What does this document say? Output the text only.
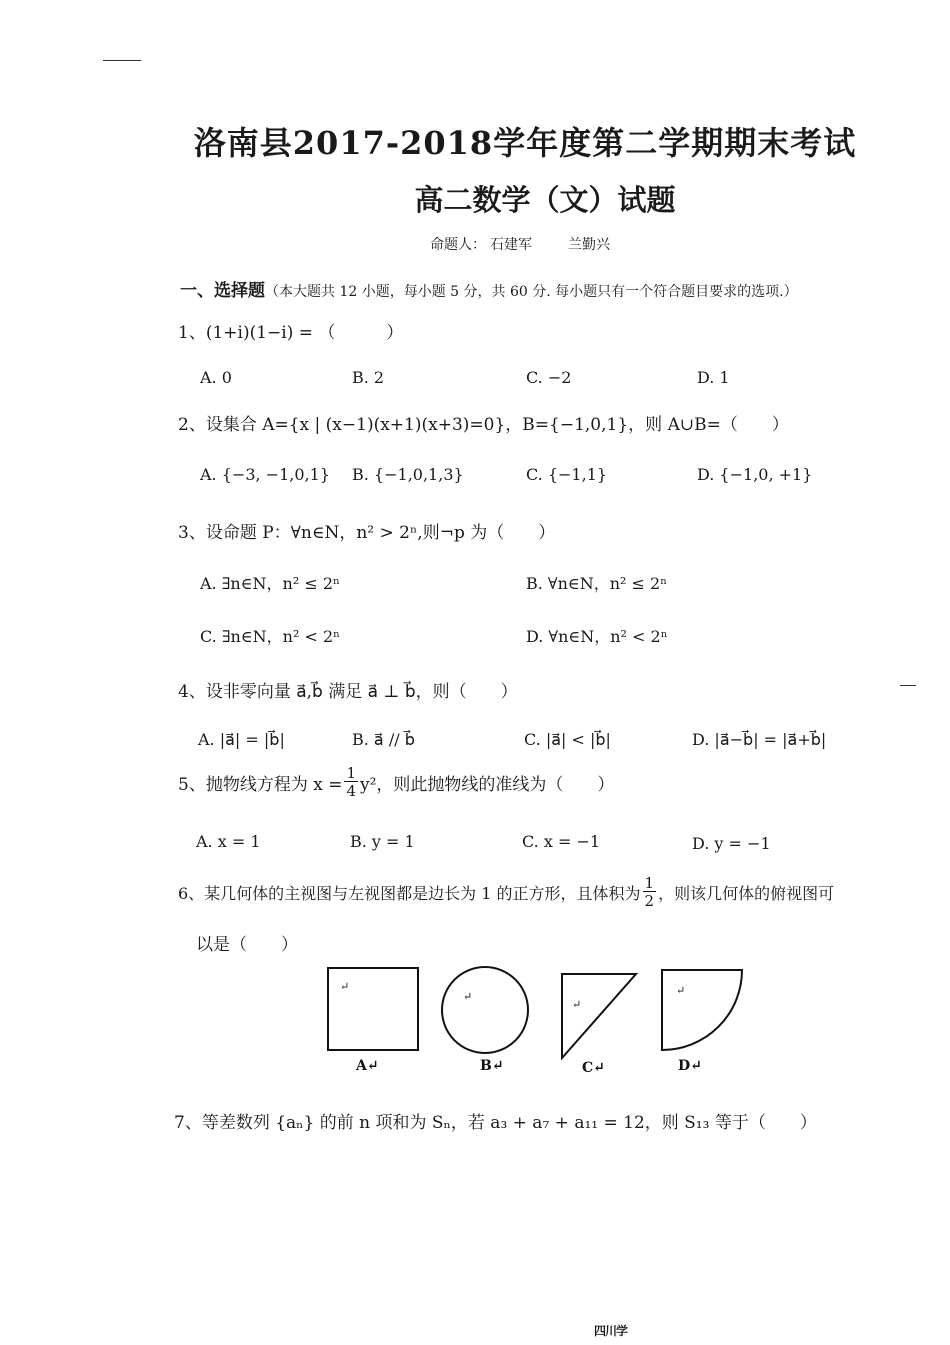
洛南县2017-2018学年度第二学期期末考试
高二数学（文）试题
命题人： 石建军	兰勤兴
一、选择题（本大题共 12 小题，每小题 5 分，共 60 分. 每小题只有一个符合题目要求的选项.）
1、(1+i)(1−i) = （　　　）
A. 0	B. 2	C. −2	D. 1
2、设集合 A={x | (x−1)(x+1)(x+3)=0}，B={−1,0,1}，则 A∪B=（　　）
A. {−3, −1,0,1} B. {−1,0,1,3}	C. {−1,1}	D. {−1,0, +1}
3、设命题 P：∀n∈N，n² > 2ⁿ,则¬p 为（　　）
A. ∃n∈N，n² ≤ 2ⁿ	B. ∀n∈N，n² ≤ 2ⁿ
C. ∃n∈N，n² < 2ⁿ	D. ∀n∈N，n² < 2ⁿ
4、设非零向量 a⃗,b⃗ 满足 a⃗ ⊥ b⃗，则（　　）
A. |a⃗| = |b⃗|	B. a⃗ // b⃗	C. |a⃗| < |b⃗|	D. |a⃗−b⃗| = |a⃗+b⃗|
5、抛物线方程为 $x = \frac{1}{4} y^2$，则此抛物线的准线为（　　）
A. x = 1	B. y = 1	C. x = −1	D. y = −1
6、某几何体的主视图与左视图都是边长为 1 的正方形，且体积为 $\frac{1}{2}$ ，则该几何体的俯视图可
以是（　　）
↵
A↵
↵
B↵
↵
C↵
↵
D↵
7、等差数列 {aₙ} 的前 n 项和为 Sₙ，若 a₃ + a₇ + a₁₁ = 12，则 S₁₃ 等于（　　）
四川学
